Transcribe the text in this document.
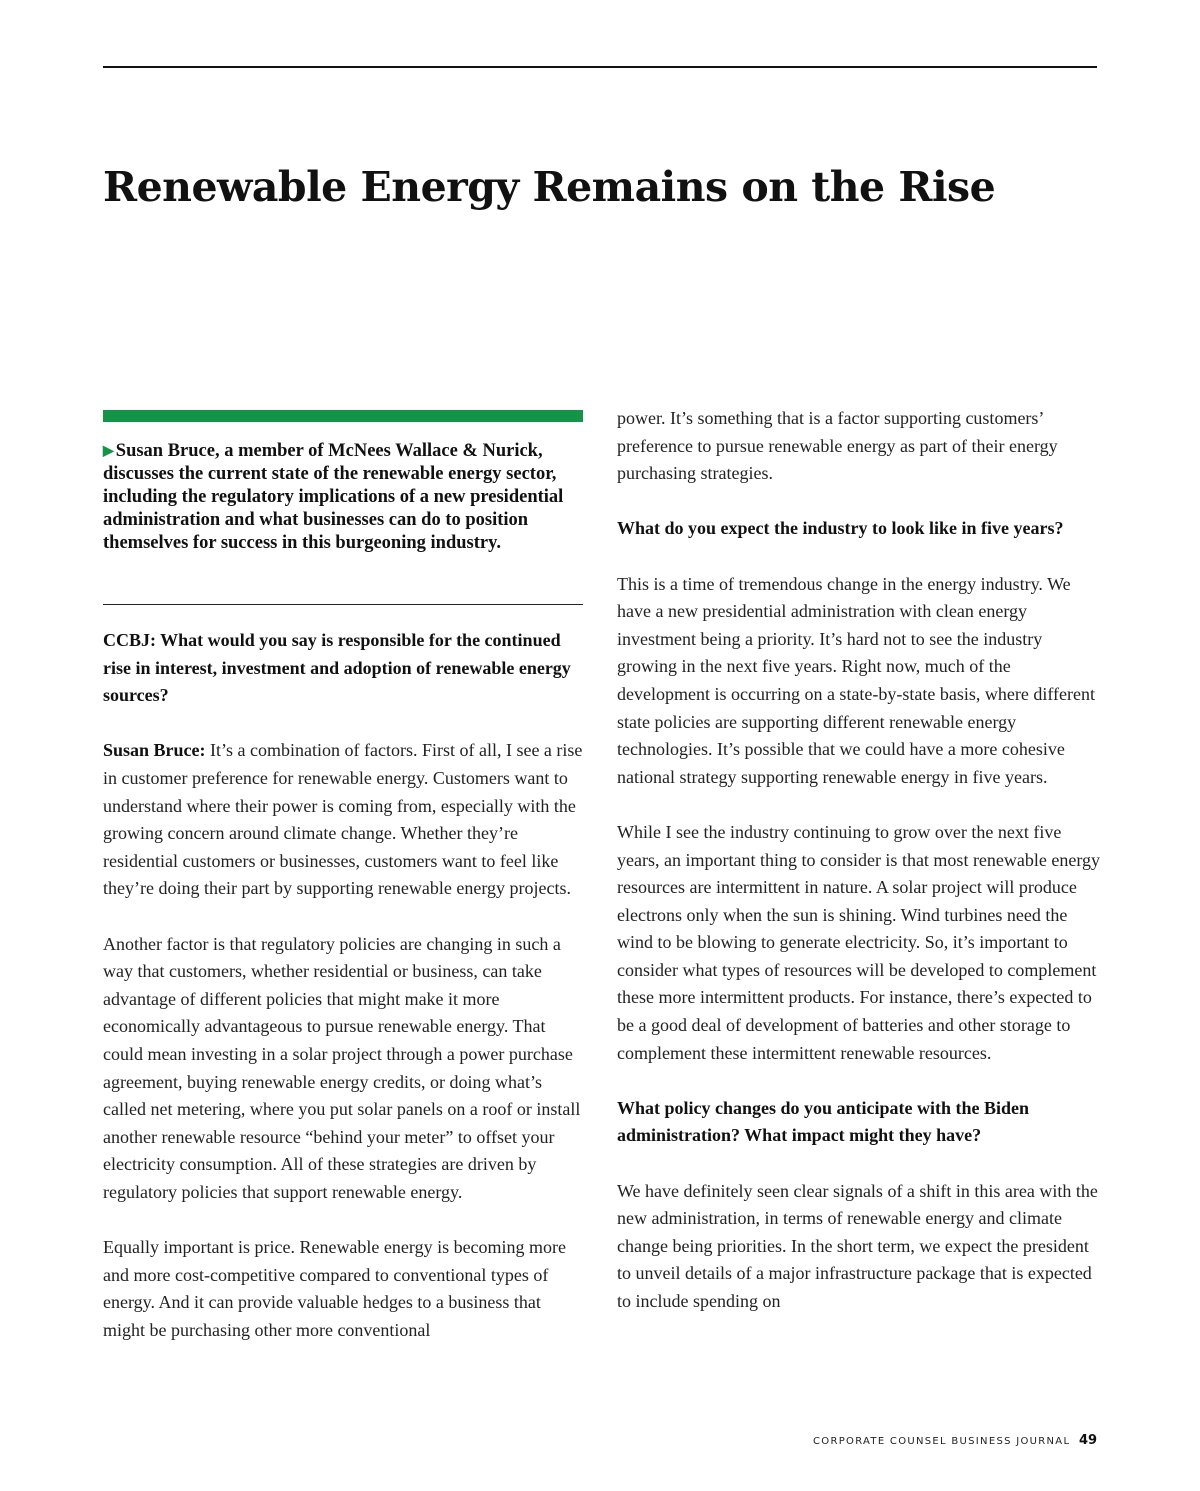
Renewable Energy Remains on the Rise

▶ Susan Bruce, a member of McNees Wallace & Nurick, discusses the current state of the renewable energy sector, including the regulatory implications of a new presidential administration and what businesses can do to position themselves for success in this burgeoning industry.

CCBJ: What would you say is responsible for the continued rise in interest, investment and adoption of renewable energy sources?

Susan Bruce: It’s a combination of factors. First of all, I see a rise in customer preference for renewable energy. Customers want to understand where their power is coming from, especially with the growing concern around climate change. Whether they’re residential customers or businesses, customers want to feel like they’re doing their part by supporting renewable energy projects.

Another factor is that regulatory policies are changing in such a way that customers, whether residential or business, can take advantage of different policies that might make it more economically advantageous to pursue renewable energy. That could mean investing in a solar project through a power purchase agreement, buying renewable energy credits, or doing what’s called net metering, where you put solar panels on a roof or install another renewable resource “behind your meter” to offset your electricity consumption. All of these strategies are driven by regulatory policies that support renewable energy.

Equally important is price. Renewable energy is becoming more and more cost-competitive compared to conventional types of energy. And it can provide valuable hedges to a business that might be purchasing other more conventional

power. It’s something that is a factor supporting customers’ preference to pursue renewable energy as part of their energy purchasing strategies.

What do you expect the industry to look like in five years?

This is a time of tremendous change in the energy industry. We have a new presidential administration with clean energy investment being a priority. It’s hard not to see the industry growing in the next five years. Right now, much of the development is occurring on a state-by-state basis, where different state policies are supporting different renewable energy technologies. It’s possible that we could have a more cohesive national strategy supporting renewable energy in five years.

While I see the industry continuing to grow over the next five years, an important thing to consider is that most renewable energy resources are intermittent in nature. A solar project will produce electrons only when the sun is shining. Wind turbines need the wind to be blowing to generate electricity. So, it’s important to consider what types of resources will be developed to complement these more intermittent products. For instance, there’s expected to be a good deal of development of batteries and other storage to complement these intermittent renewable resources.

What policy changes do you anticipate with the Biden administration? What impact might they have?

We have definitely seen clear signals of a shift in this area with the new administration, in terms of renewable energy and climate change being priorities. In the short term, we expect the president to unveil details of a major infrastructure package that is expected to include spending on

CORPORATE COUNSEL BUSINESS JOURNAL 49
